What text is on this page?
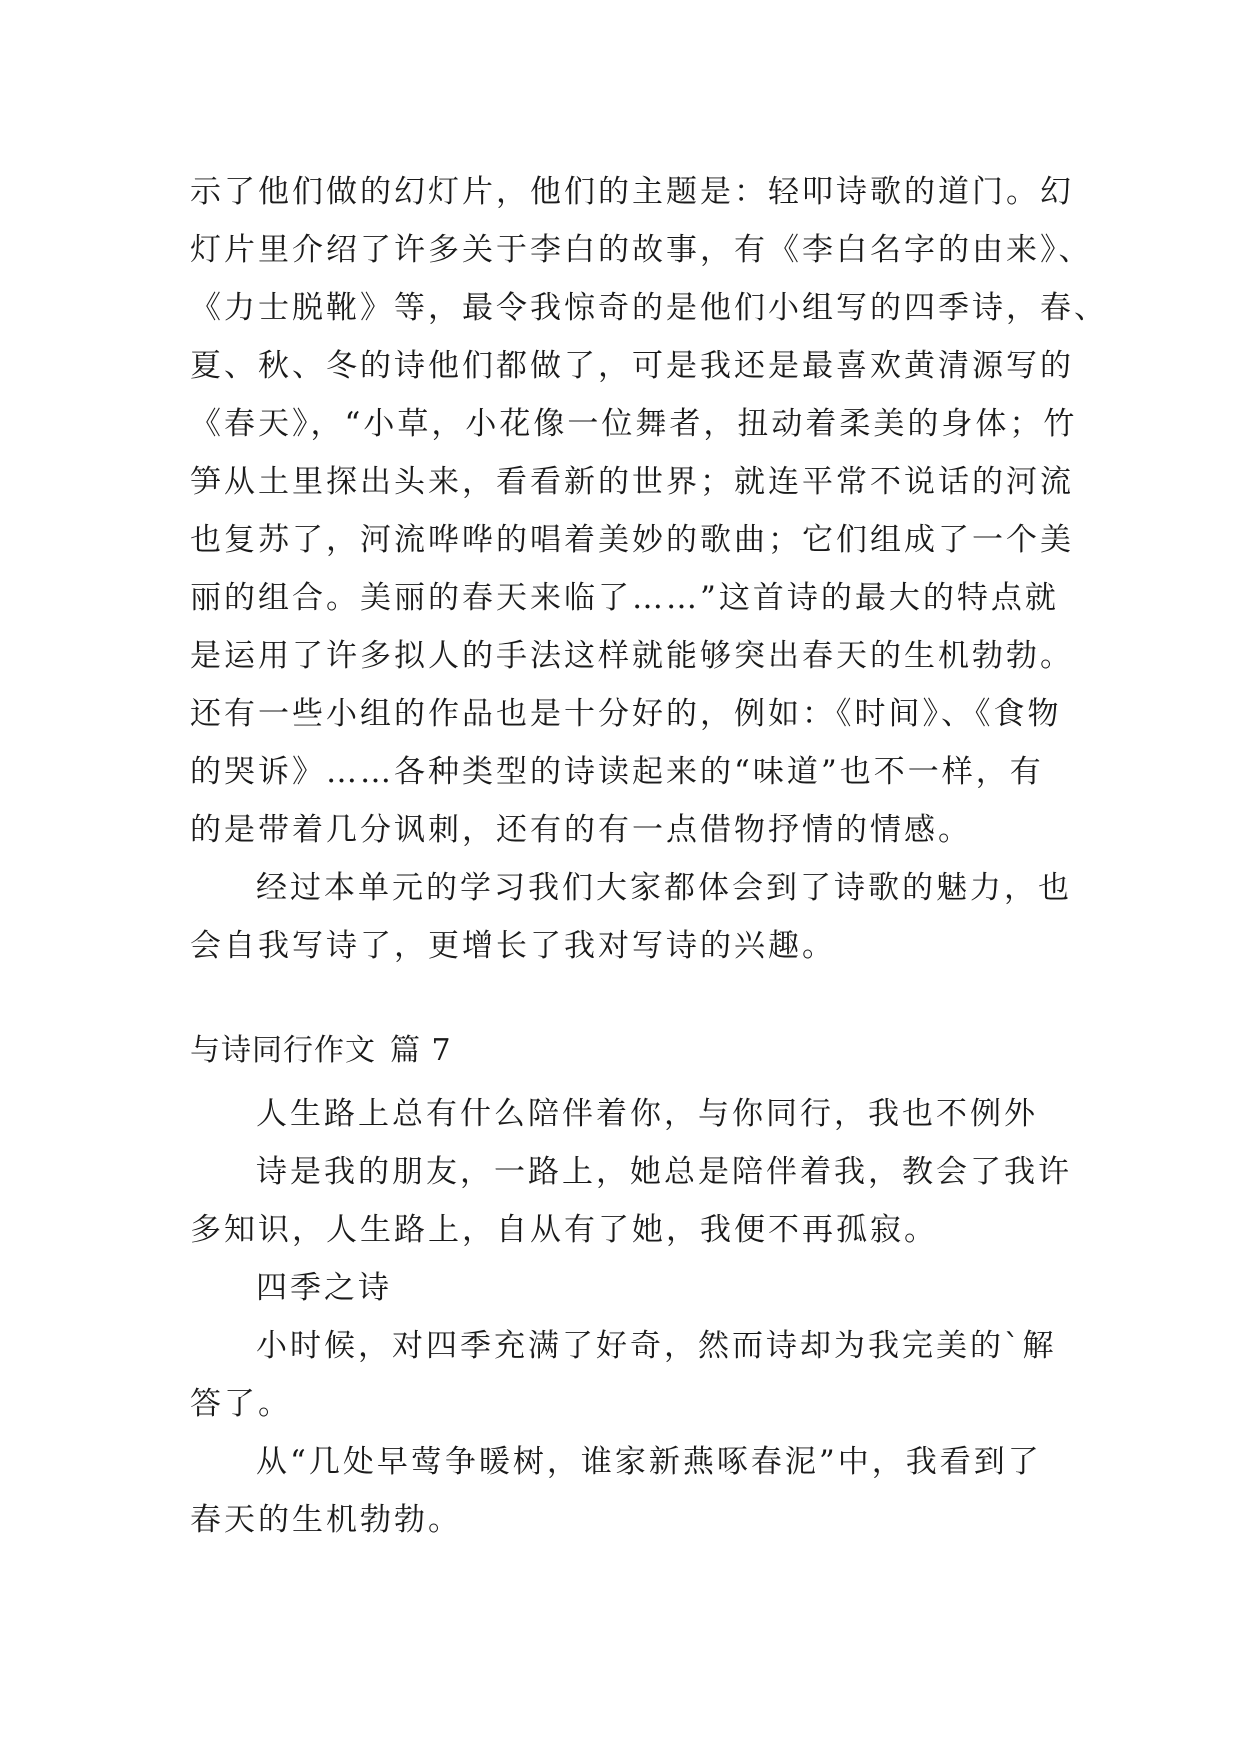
示了他们做的幻灯片，他们的主题是：轻叩诗歌的道门。幻
灯片里介绍了许多关于李白的故事，有《李白名字的由来》、
《力士脱靴》等，最令我惊奇的是他们小组写的四季诗，春、
夏、秋、冬的诗他们都做了，可是我还是最喜欢黄清源写的
《春天》，“小草，小花像一位舞者，扭动着柔美的身体；竹
笋从土里探出头来，看看新的世界；就连平常不说话的河流
也复苏了，河流哗哗的唱着美妙的歌曲；它们组成了一个美
丽的组合。美丽的春天来临了……”这首诗的最大的特点就
是运用了许多拟人的手法这样就能够突出春天的生机勃勃。
还有一些小组的作品也是十分好的，例如：《时间》、《食物
的哭诉》……各种类型的诗读起来的“味道”也不一样，有
的是带着几分讽刺，还有的有一点借物抒情的情感。
经过本单元的学习我们大家都体会到了诗歌的魅力，也
会自我写诗了，更增长了我对写诗的兴趣。
与诗同行作文 篇 7
人生路上总有什么陪伴着你，与你同行，我也不例外
诗是我的朋友，一路上，她总是陪伴着我，教会了我许
多知识，人生路上，自从有了她，我便不再孤寂。
四季之诗
小时候，对四季充满了好奇，然而诗却为我完美的`解
答了。
从“几处早莺争暖树，谁家新燕啄春泥”中，我看到了
春天的生机勃勃。
